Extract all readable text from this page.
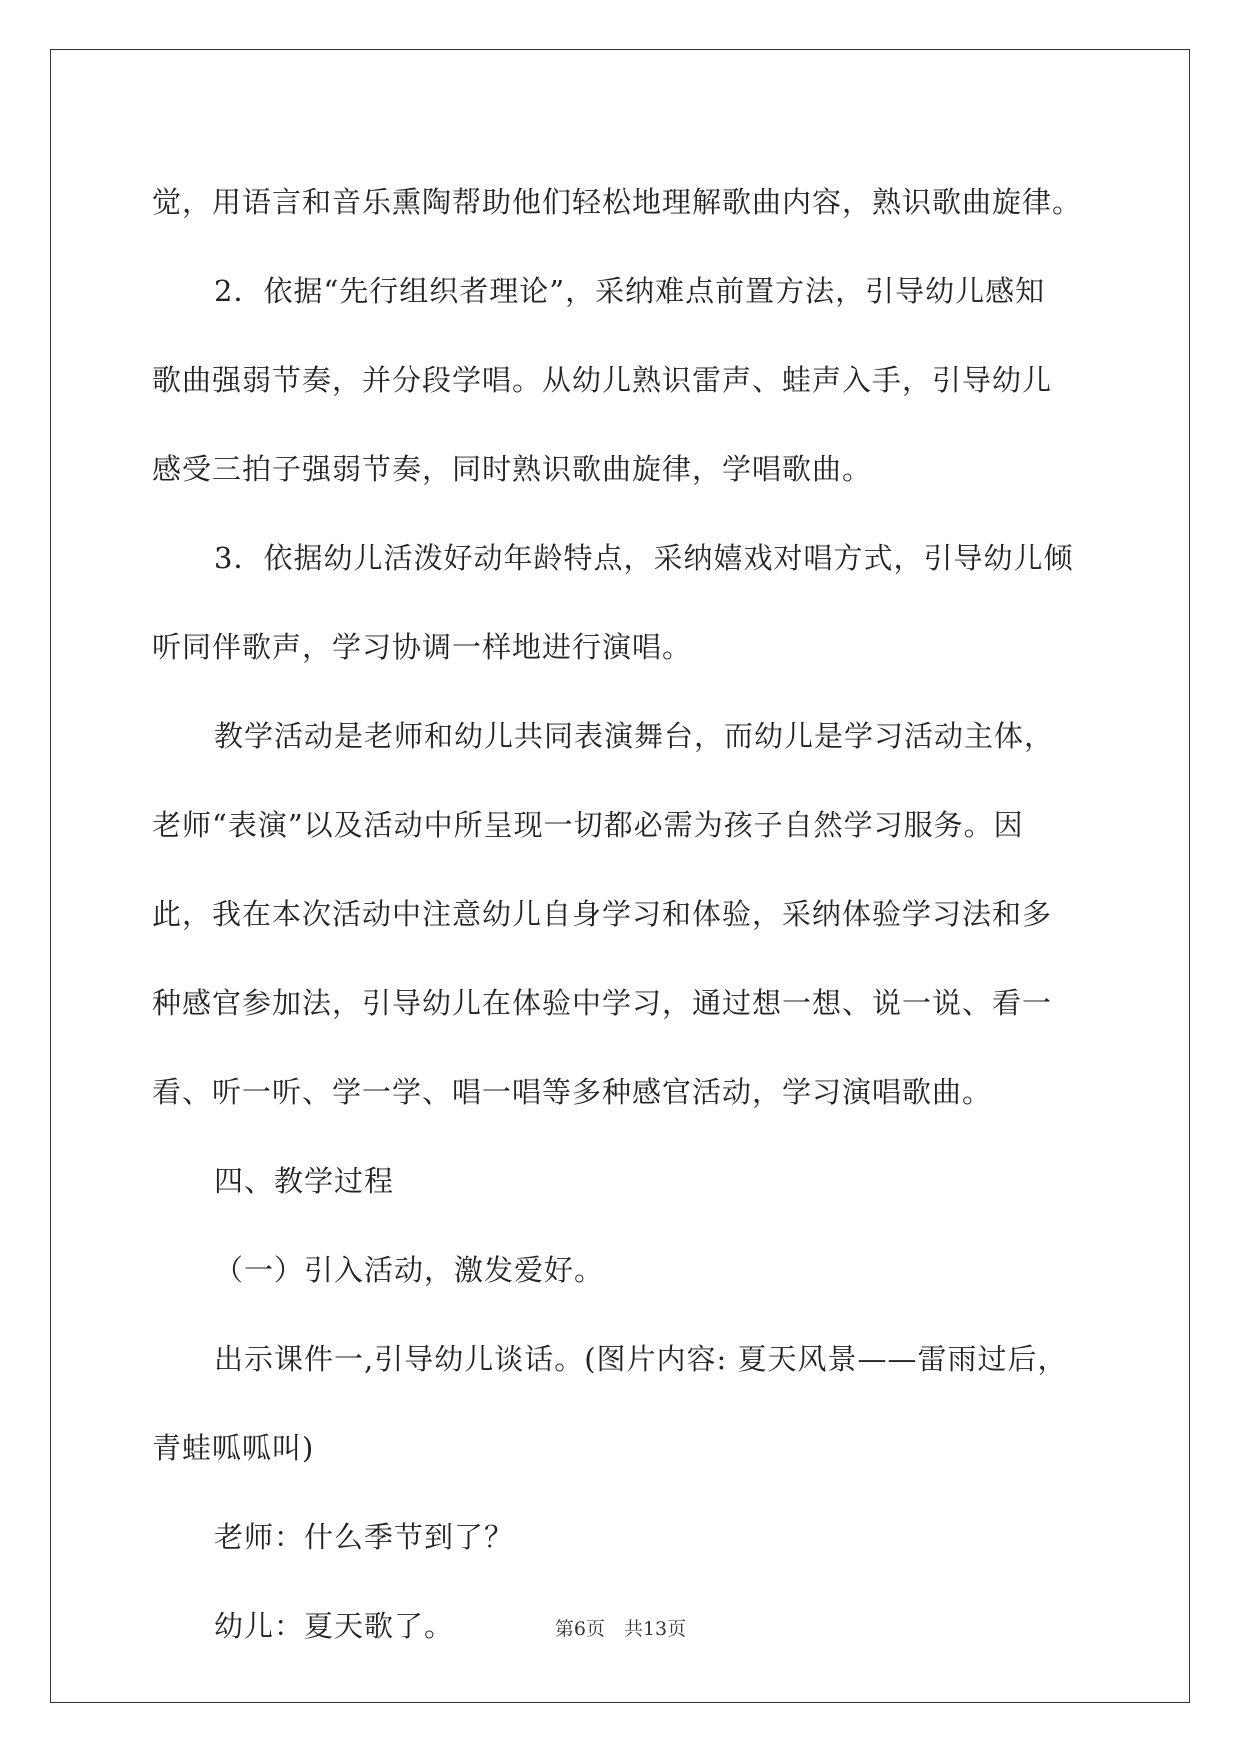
觉，用语言和音乐熏陶帮助他们轻松地理解歌曲内容，熟识歌曲旋律。
2．依据“先行组织者理论”，采纳难点前置方法，引导幼儿感知
歌曲强弱节奏，并分段学唱。从幼儿熟识雷声、蛙声入手，引导幼儿
感受三拍子强弱节奏，同时熟识歌曲旋律，学唱歌曲。
3．依据幼儿活泼好动年龄特点，采纳嬉戏对唱方式，引导幼儿倾
听同伴歌声，学习协调一样地进行演唱。
教学活动是老师和幼儿共同表演舞台，而幼儿是学习活动主体，
老师“表演”以及活动中所呈现一切都必需为孩子自然学习服务。因
此，我在本次活动中注意幼儿自身学习和体验，采纳体验学习法和多
种感官参加法，引导幼儿在体验中学习，通过想一想、说一说、看一
看、听一听、学一学、唱一唱等多种感官活动，学习演唱歌曲。
四、教学过程
（一）引入活动，激发爱好。
出示课件一,引导幼儿谈话。(图片内容: 夏天风景——雷雨过后，
青蛙呱呱叫)
老师：什么季节到了？
幼儿：夏天歌了。	第6页　共13页
